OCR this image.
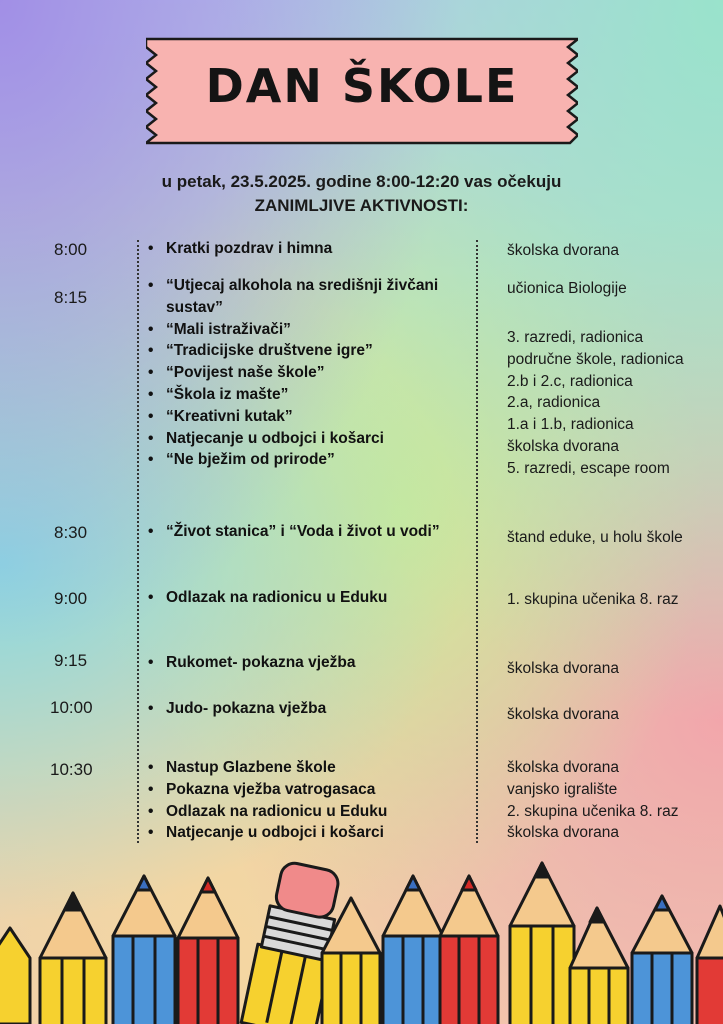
DAN ŠKOLE
u petak, 23.5.2025. godine 8:00-12:20 vas očekuju
ZANIMLJIVE AKTIVNOSTI:
8:00
8:15
8:30
9:00
9:15
10:00
10:30
• Kratki pozdrav i himna
• “Utjecaj alkohola na središnji živčani sustav”
• “Mali istraživači”
• “Tradicijske društvene igre”
• “Povijest naše škole”
• “Škola iz mašte”
• “Kreativni kutak”
• Natjecanje u odbojci i košarci
• “Ne bježim od prirode”
• “Život stanica” i “Voda i život u vodi”
• Odlazak na radionicu u Eduku
• Rukomet- pokazna vježba
• Judo- pokazna vježba
• Nastup Glazbene škole
• Pokazna vježba vatrogasaca
• Odlazak na radionicu u Eduku
• Natjecanje u odbojci i košarci
školska dvorana
učionica Biologije
3. razredi, radionica
područne škole, radionica
2.b i 2.c, radionica
2.a, radionica
1.a i 1.b, radionica
školska dvorana
5. razredi, escape room
štand eduke, u holu škole
1. skupina učenika 8. raz
školska dvorana
školska dvorana
školska dvorana
vanjsko igralište
2. skupina učenika 8. raz
školska dvorana
